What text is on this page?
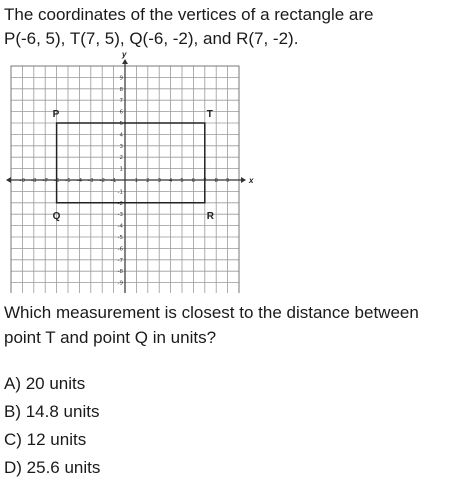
The coordinates of the vertices of a rectangle are
P(-6, 5), T(7, 5), Q(-6, -2), and R(7, -2).
x
y
-9
-9
-8
-8
-7
-7
-6
-6
-5
-5
-4
-4
-3
-3
-2
-2
-1
-1
1
1
2
2
3
3
4
4
5
5
6
6
7
7
8
8
9
9
P	T
Q	R
Which measurement is closest to the distance between
point T and point Q in units?
A) 20 units
B) 14.8 units
C) 12 units
D) 25.6 units
